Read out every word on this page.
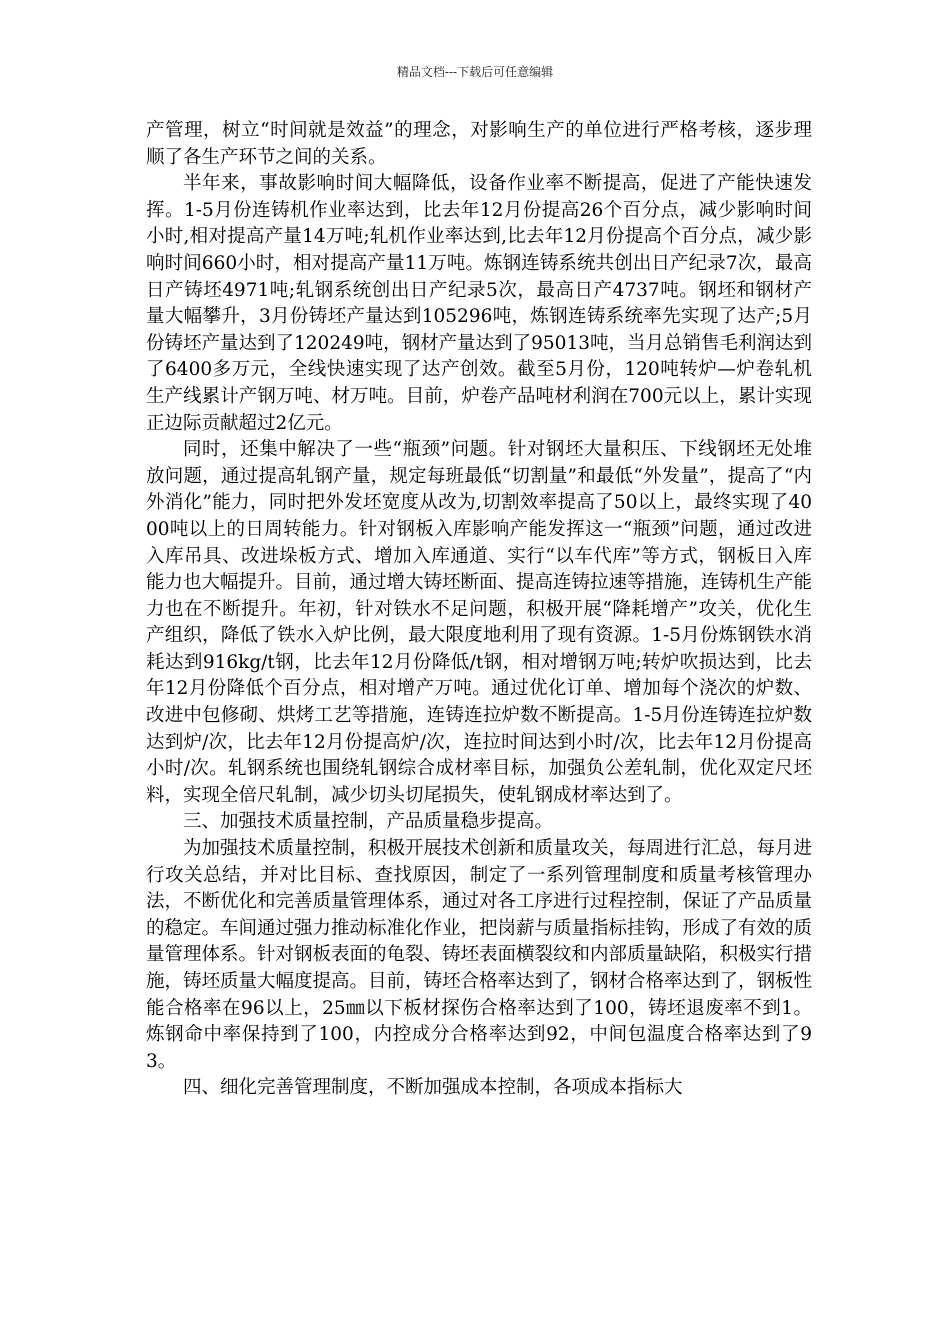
精品文档---下载后可任意编辑

产管理，树立“时间就是效益”的理念，对影响生产的单位进行严格考核，逐步理顺了各生产环节之间的关系。

半年来，事故影响时间大幅降低，设备作业率不断提高，促进了产能快速发挥。1-5月份连铸机作业率达到，比去年12月份提高26个百分点，减少影响时间小时,相对提高产量14万吨;轧机作业率达到,比去年12月份提高个百分点，减少影响时间660小时，相对提高产量11万吨。炼钢连铸系统共创出日产纪录7次，最高日产铸坯4971吨;轧钢系统创出日产纪录5次，最高日产4737吨。钢坯和钢材产量大幅攀升，3月份铸坯产量达到105296吨，炼钢连铸系统率先实现了达产;5月份铸坯产量达到了120249吨，钢材产量达到了95013吨，当月总销售毛利润达到了6400多万元，全线快速实现了达产创效。截至5月份，120吨转炉—炉卷轧机生产线累计产钢万吨、材万吨。目前，炉卷产品吨材利润在700元以上，累计实现正边际贡献超过2亿元。

同时，还集中解决了一些“瓶颈”问题。针对钢坯大量积压、下线钢坯无处堆放问题，通过提高轧钢产量，规定每班最低“切割量”和最低“外发量”，提高了“内外消化”能力，同时把外发坯宽度从改为,切割效率提高了50以上，最终实现了4000吨以上的日周转能力。针对钢板入库影响产能发挥这一“瓶颈”问题，通过改进入库吊具、改进垛板方式、增加入库通道、实行“以车代库”等方式，钢板日入库能力也大幅提升。目前，通过增大铸坯断面、提高连铸拉速等措施，连铸机生产能力也在不断提升。年初，针对铁水不足问题，积极开展“降耗增产”攻关，优化生产组织，降低了铁水入炉比例，最大限度地利用了现有资源。1-5月份炼钢铁水消耗达到916kg/t钢，比去年12月份降低/t钢，相对增钢万吨;转炉吹损达到，比去年12月份降低个百分点，相对增产万吨。通过优化订单、增加每个浇次的炉数、改进中包修砌、烘烤工艺等措施，连铸连拉炉数不断提高。1-5月份连铸连拉炉数达到炉/次，比去年12月份提高炉/次，连拉时间达到小时/次，比去年12月份提高小时/次。轧钢系统也围绕轧钢综合成材率目标，加强负公差轧制，优化双定尺坯料，实现全倍尺轧制，减少切头切尾损失，使轧钢成材率达到了。

三、加强技术质量控制，产品质量稳步提高。

为加强技术质量控制，积极开展技术创新和质量攻关，每周进行汇总，每月进行攻关总结，并对比目标、查找原因，制定了一系列管理制度和质量考核管理办法，不断优化和完善质量管理体系，通过对各工序进行过程控制，保证了产品质量的稳定。车间通过强力推动标准化作业，把岗薪与质量指标挂钩，形成了有效的质量管理体系。针对钢板表面的龟裂、铸坯表面横裂纹和内部质量缺陷，积极实行措施，铸坯质量大幅度提高。目前，铸坯合格率达到了，钢材合格率达到了，钢板性能合格率在96以上，25㎜以下板材探伤合格率达到了100，铸坯退废率不到1。炼钢命中率保持到了100，内控成分合格率达到92，中间包温度合格率达到了93。

四、细化完善管理制度，不断加强成本控制，各项成本指标大
